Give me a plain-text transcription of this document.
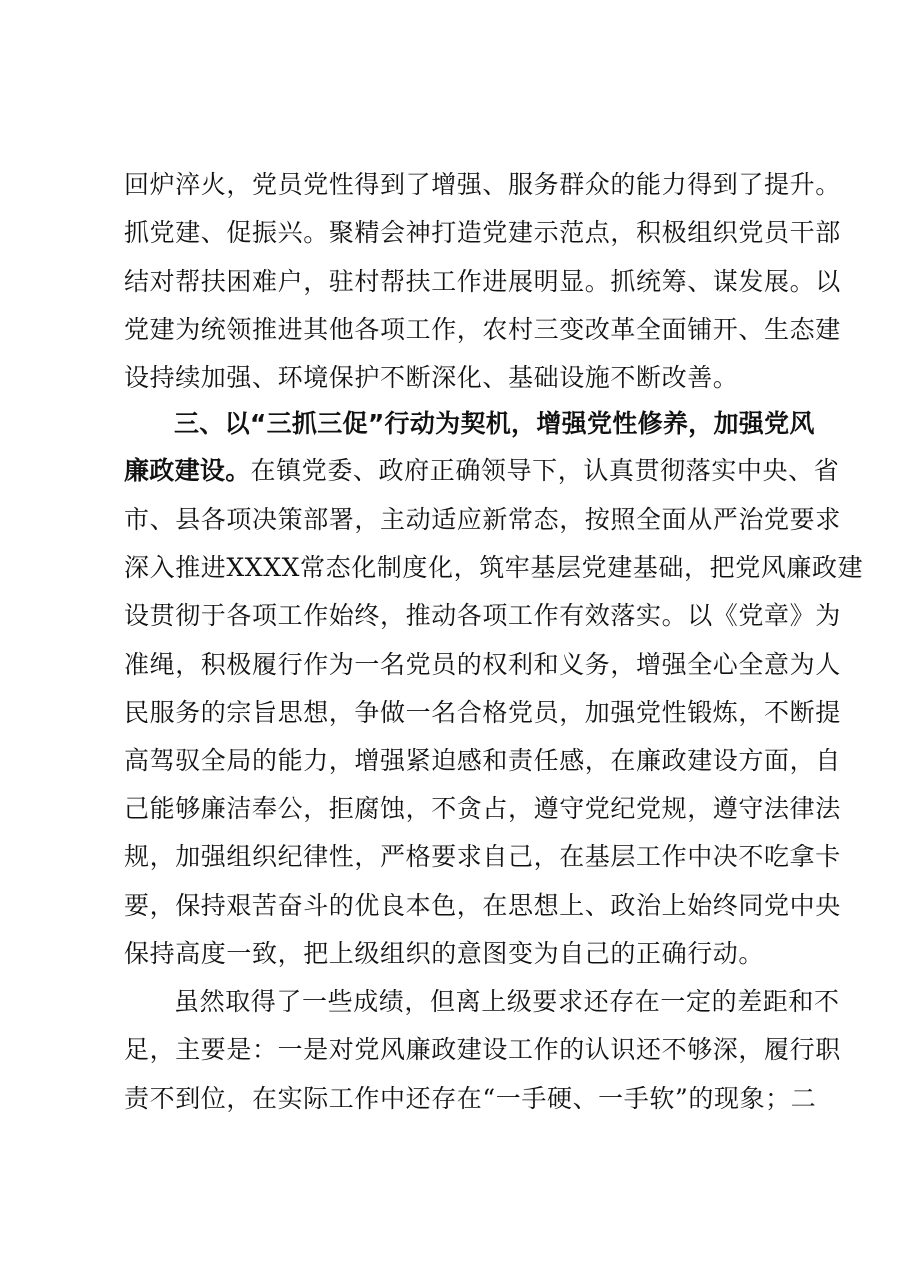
回炉淬火，党员党性得到了增强、服务群众的能力得到了提升。
抓党建、促振兴。聚精会神打造党建示范点，积极组织党员干部
结对帮扶困难户，驻村帮扶工作进展明显。抓统筹、谋发展。以
党建为统领推进其他各项工作，农村三变改革全面铺开、生态建
设持续加强、环境保护不断深化、基础设施不断改善。
三、以“三抓三促”行动为契机，增强党性修养，加强党风
廉政建设。在镇党委、政府正确领导下，认真贯彻落实中央、省
市、县各项决策部署，主动适应新常态，按照全面从严治党要求
深入推进XXXX常态化制度化，筑牢基层党建基础，把党风廉政建
设贯彻于各项工作始终，推动各项工作有效落实。以《党章》为
准绳，积极履行作为一名党员的权利和义务，增强全心全意为人
民服务的宗旨思想，争做一名合格党员，加强党性锻炼，不断提
高驾驭全局的能力，增强紧迫感和责任感，在廉政建设方面，自
己能够廉洁奉公，拒腐蚀，不贪占，遵守党纪党规，遵守法律法
规，加强组织纪律性，严格要求自己，在基层工作中决不吃拿卡
要，保持艰苦奋斗的优良本色，在思想上、政治上始终同党中央
保持高度一致，把上级组织的意图变为自己的正确行动。
虽然取得了一些成绩，但离上级要求还存在一定的差距和不
足，主要是：一是对党风廉政建设工作的认识还不够深，履行职
责不到位，在实际工作中还存在“一手硬、一手软”的现象；二
